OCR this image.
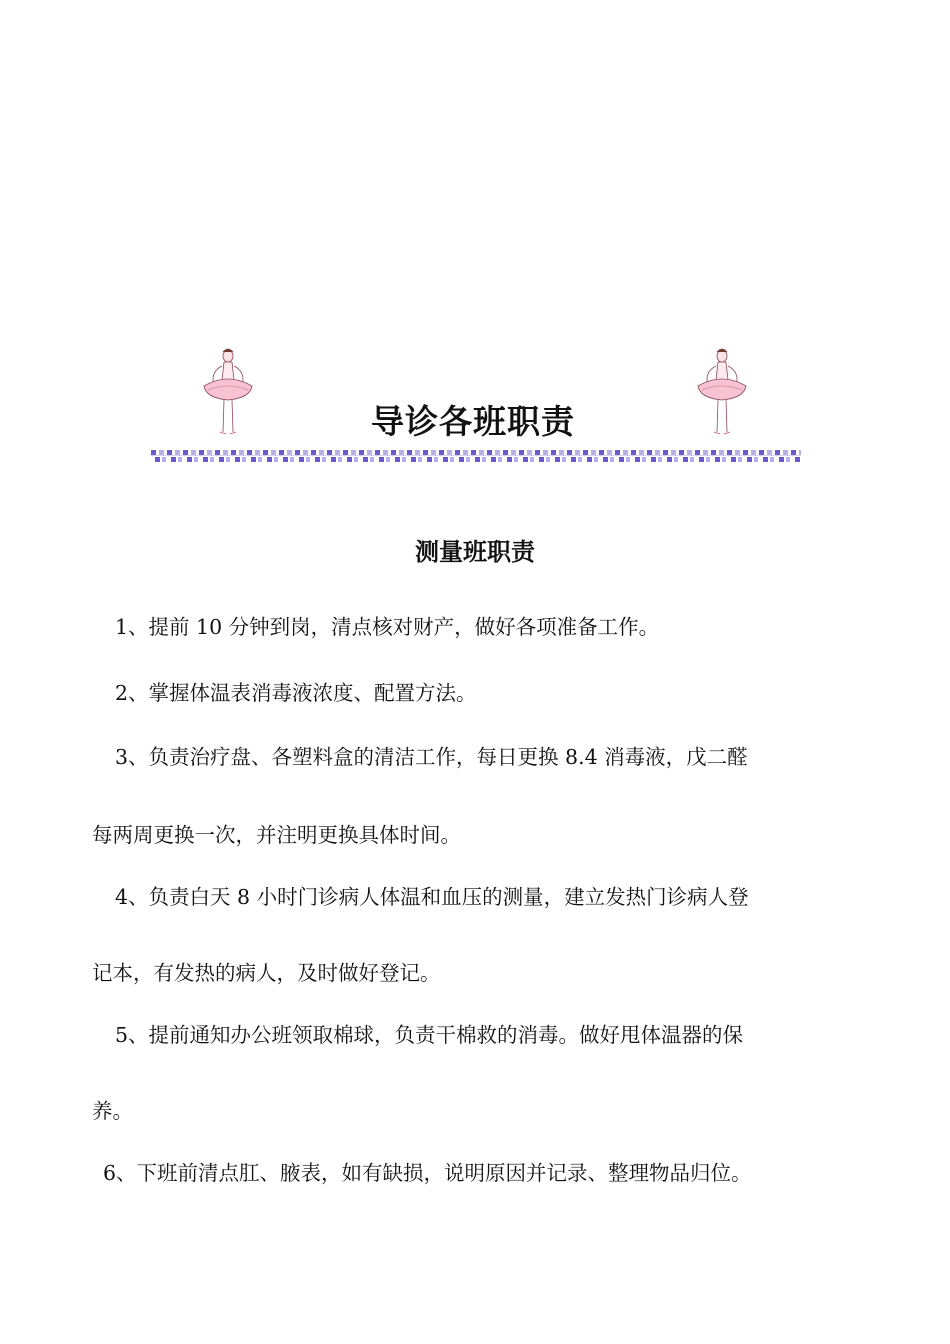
导诊各班职责
测量班职责

1、提前 10 分钟到岗，清点核对财产，做好各项准备工作。

2、掌握体温表消毒液浓度、配置方法。

3、负责治疗盘、各塑料盒的清洁工作，每日更换 8.4 消毒液，戊二醛

每两周更换一次，并注明更换具体时间。

4、负责白天 8 小时门诊病人体温和血压的测量，建立发热门诊病人登

记本，有发热的病人，及时做好登记。

5、提前通知办公班领取棉球，负责干棉救的消毒。做好甩体温器的保

养。

6、下班前清点肛、腋表，如有缺损，说明原因并记录、整理物品归位。
